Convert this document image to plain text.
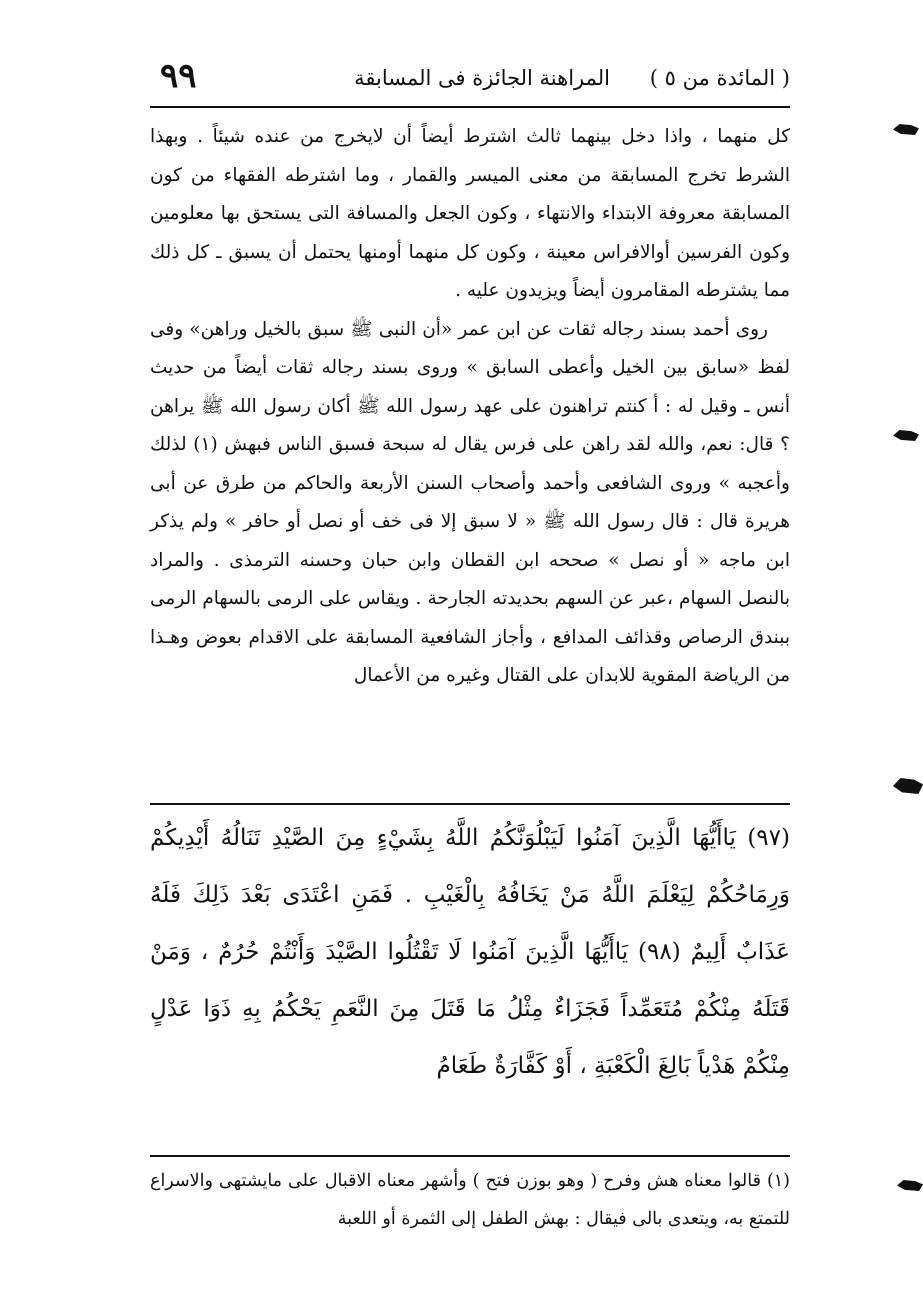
( المائدة من ٥ )
المراهنة الجائزة فى المسابقة
٩٩

كل منهما ، واذا دخل بينهما ثالث اشترط أيضاً أن لايخرج من عنده شيئاً . وبهذا الشرط تخرج المسابقة من معنى الميسر والقمار ، وما اشترطه الفقهاء من كون المسابقة معروفة الابتداء والانتهاء ، وكون الجعل والمسافة التى يستحق بها معلومين وكون الفرسين أوالافراس معينة ، وكون كل منهما أومنها يحتمل أن يسبق ـ كل ذلك مما يشترطه المقامرون أيضاً ويزيدون عليه .

روى أحمد بسند رجاله ثقات عن ابن عمر «أن النبى ﷺ سبق بالخيل وراهن» وفى لفظ «سابق بين الخيل وأعطى السابق » وروى بسند رجاله ثقات أيضاً من حديث أنس ـ وقيل له : أ كنتم تراهنون على عهد رسول الله ﷺ أكان رسول الله ﷺ يراهن ؟ قال: نعم، والله لقد راهن على فرس يقال له سبحة فسبق الناس فبهش (١) لذلك وأعجبه » وروى الشافعى وأحمد وأصحاب السنن الأربعة والحاكم من طرق عن أبى هريرة قال : قال رسول الله ﷺ « لا سبق إلا فى خف أو نصل أو حافر » ولم يذكر ابن ماجه « أو نصل » صححه ابن القطان وابن حبان وحسنه الترمذى . والمراد بالنصل السهام ،عبر عن السهم بحديدته الجارحة . ويقاس على الرمى بالسهام الرمى ببندق الرصاص وقذائف المدافع ، وأجاز الشافعية المسابقة على الاقدام بعوض وهـذا من الرياضة المقوية للابدان على القتال وغيره من الأعمال

(٩٧) يَاأَيُّهَا الَّذِينَ آمَنُوا لَيَبْلُوَنَّكُمُ اللَّهُ بِشَيْءٍ مِنَ الصَّيْدِ تَنَالُهُ أَيْدِيكُمْ وَرِمَاحُكُمْ لِيَعْلَمَ اللَّهُ مَنْ يَخَافُهُ بِالْغَيْبِ . فَمَنِ اعْتَدَى بَعْدَ ذَلِكَ فَلَهُ عَذَابٌ أَلِيمٌ (٩٨) يَاأَيُّهَا الَّذِينَ آمَنُوا لَا تَقْتُلُوا الصَّيْدَ وَأَنْتُمْ حُرُمٌ ، وَمَنْ قَتَلَهُ مِنْكُمْ مُتَعَمِّداً فَجَزَاءٌ مِثْلُ مَا قَتَلَ مِنَ النَّعَمِ يَحْكُمُ بِهِ ذَوَا عَدْلٍ مِنْكُمْ هَدْياً بَالِغَ الْكَعْبَةِ ، أَوْ كَفَّارَةٌ طَعَامُ
(١) قالوا معناه هش وفرح ( وهو بوزن فتح ) وأشهر معناه الاقبال على مايشتهى والاسراع للتمتع به، ويتعدى بالى فيقال : بهش الطفل إلى الثمرة أو اللعبة
